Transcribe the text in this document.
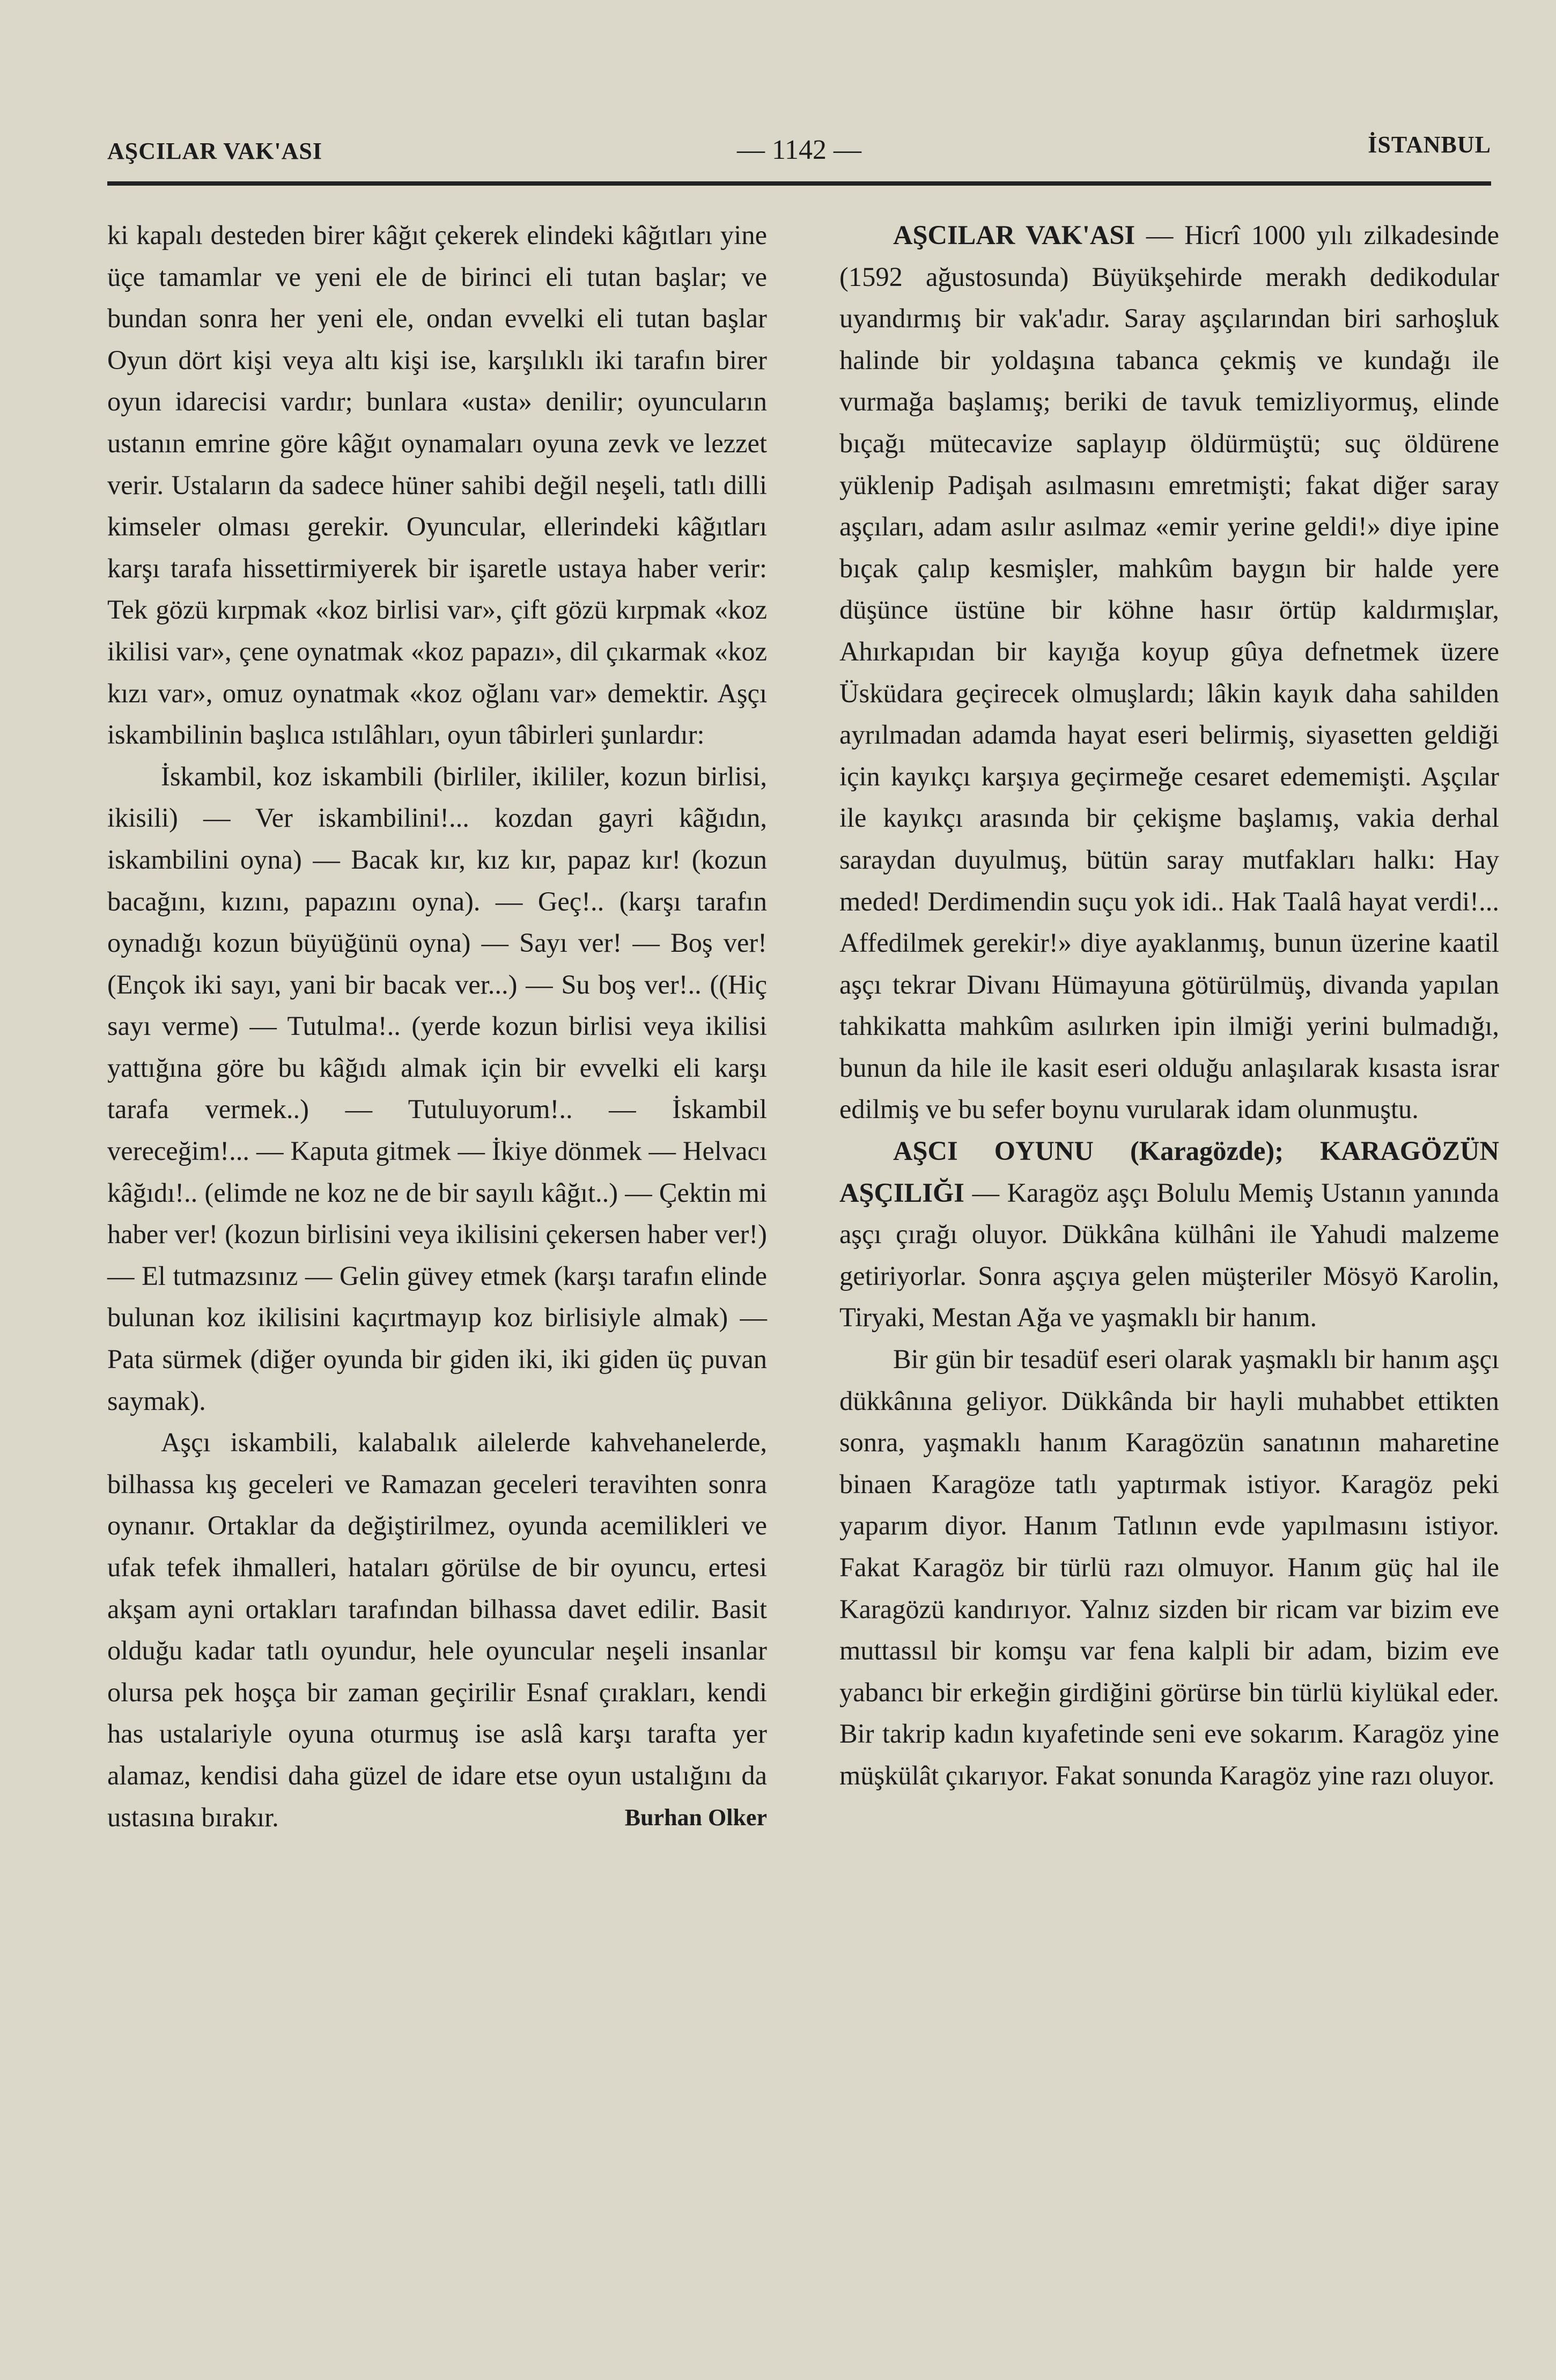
AŞCILAR VAK'ASI	— 1142 —	İSTANBUL

ki kapalı desteden birer kâğıt çekerek elindeki kâğıtları yine üçe tamamlar ve yeni ele de birinci eli tutan başlar; ve bundan sonra her yeni ele, ondan evvelki eli tutan başlar Oyun dört kişi veya altı kişi ise, karşılıklı iki tarafın birer oyun idarecisi vardır; bunlara «usta» denilir; oyuncuların ustanın emrine göre kâğıt oynamaları oyuna zevk ve lezzet verir. Ustaların da sadece hüner sahibi değil neşeli, tatlı dilli kimseler olması gerekir. Oyuncular, ellerindeki kâğıtları karşı tarafa hissettirmiyerek bir işaretle ustaya haber verir: Tek gözü kırpmak «koz birlisi var», çift gözü kırpmak «koz ikilisi var», çene oynatmak «koz papazı», dil çıkarmak «koz kızı var», omuz oynatmak «koz oğlanı var» demektir. Aşçı iskambilinin başlıca ıstılâhları, oyun tâbirleri şunlardır:

İskambil, koz iskambili (birliler, ikililer, kozun birlisi, ikisili) — Ver iskambilini!... kozdan gayri kâğıdın, iskambilini oyna) — Bacak kır, kız kır, papaz kır! (kozun bacağını, kızını, papazını oyna). — Geç!.. (karşı tarafın oynadığı kozun büyüğünü oyna) — Sayı ver! — Boş ver! (Ençok iki sayı, yani bir bacak ver...) — Su boş ver!.. ((Hiç sayı verme) — Tutulma!.. (yerde kozun birlisi veya ikilisi yattığına göre bu kâğıdı almak için bir evvelki eli karşı tarafa vermek..) — Tutuluyorum!.. — İskambil vereceğim!... — Kaputa gitmek — İkiye dönmek — Helvacı kâğıdı!.. (elimde ne koz ne de bir sayılı kâğıt..) — Çektin mi haber ver! (kozun birlisini veya ikilisini çekersen haber ver!) — El tutmazsınız — Gelin güvey etmek (karşı tarafın elinde bulunan koz ikilisini kaçırtmayıp koz birlisiyle almak) — Pata sürmek (diğer oyunda bir giden iki, iki giden üç puvan saymak).

Aşçı iskambili, kalabalık ailelerde kahvehanelerde, bilhassa kış geceleri ve Ramazan geceleri teravihten sonra oynanır. Ortaklar da değiştirilmez, oyunda acemilikleri ve ufak tefek ihmalleri, hataları görülse de bir oyuncu, ertesi akşam ayni ortakları tarafından bilhassa davet edilir. Basit olduğu kadar tatlı oyundur, hele oyuncular neşeli insanlar olursa pek hoşça bir zaman geçirilir Esnaf çırakları, kendi has ustalariyle oyuna oturmuş ise aslâ karşı tarafta yer alamaz, kendisi daha güzel de idare etse oyun ustalığını da ustasına bırakır.	Burhan Olker

AŞCILAR VAK'ASI — Hicrî 1000 yılı zilkadesinde (1592 ağustosunda) Büyükşehirde merakh dedikodular uyandırmış bir vak'adır. Saray aşçılarından biri sarhoşluk halinde bir yoldaşına tabanca çekmiş ve kundağı ile vurmağa başlamış; beriki de tavuk temizliyormuş, elinde bıçağı mütecavize saplayıp öldürmüştü; suç öldürene yüklenip Padişah asılmasını emretmişti; fakat diğer saray aşçıları, adam asılır asılmaz «emir yerine geldi!» diye ipine bıçak çalıp kesmişler, mahkûm baygın bir halde yere düşünce üstüne bir köhne hasır örtüp kaldırmışlar, Ahırkapıdan bir kayığa koyup gûya defnetmek üzere Üsküdara geçirecek olmuşlardı; lâkin kayık daha sahilden ayrılmadan adamda hayat eseri belirmiş, siyasetten geldiği için kayıkçı karşıya geçirmeğe cesaret edememişti. Aşçılar ile kayıkçı arasında bir çekişme başlamış, vakia derhal saraydan duyulmuş, bütün saray mutfakları halkı: Hay meded! Derdimendin suçu yok idi.. Hak Taalâ hayat verdi!... Affedilmek gerekir!» diye ayaklanmış, bunun üzerine kaatil aşçı tekrar Divanı Hümayuna götürülmüş, divanda yapılan tahkikatta mahkûm asılırken ipin ilmiği yerini bulmadığı, bunun da hile ile kasit eseri olduğu anlaşılarak kısasta israr edilmiş ve bu sefer boynu vurularak idam olunmuştu.

AŞCI OYUNU (Karagözde); KARAGÖZÜN AŞÇILIĞI — Karagöz aşçı Bolulu Memiş Ustanın yanında aşçı çırağı oluyor. Dükkâna külhâni ile Yahudi malzeme getiriyorlar. Sonra aşçıya gelen müşteriler Mösyö Karolin, Tiryaki, Mestan Ağa ve yaşmaklı bir hanım.

Bir gün bir tesadüf eseri olarak yaşmaklı bir hanım aşçı dükkânına geliyor. Dükkânda bir hayli muhabbet ettikten sonra, yaşmaklı hanım Karagözün sanatının maharetine binaen Karagöze tatlı yaptırmak istiyor. Karagöz peki yaparım diyor. Hanım Tatlının evde yapılmasını istiyor. Fakat Karagöz bir türlü razı olmuyor. Hanım güç hal ile Karagözü kandırıyor. Yalnız sizden bir ricam var bizim eve muttassıl bir komşu var fena kalpli bir adam, bizim eve yabancı bir erkeğin girdiğini görürse bin türlü kiylükal eder. Bir takrip kadın kıyafetinde seni eve sokarım. Karagöz yine müşkülât çıkarıyor. Fakat sonunda Karagöz yine razı oluyor.
